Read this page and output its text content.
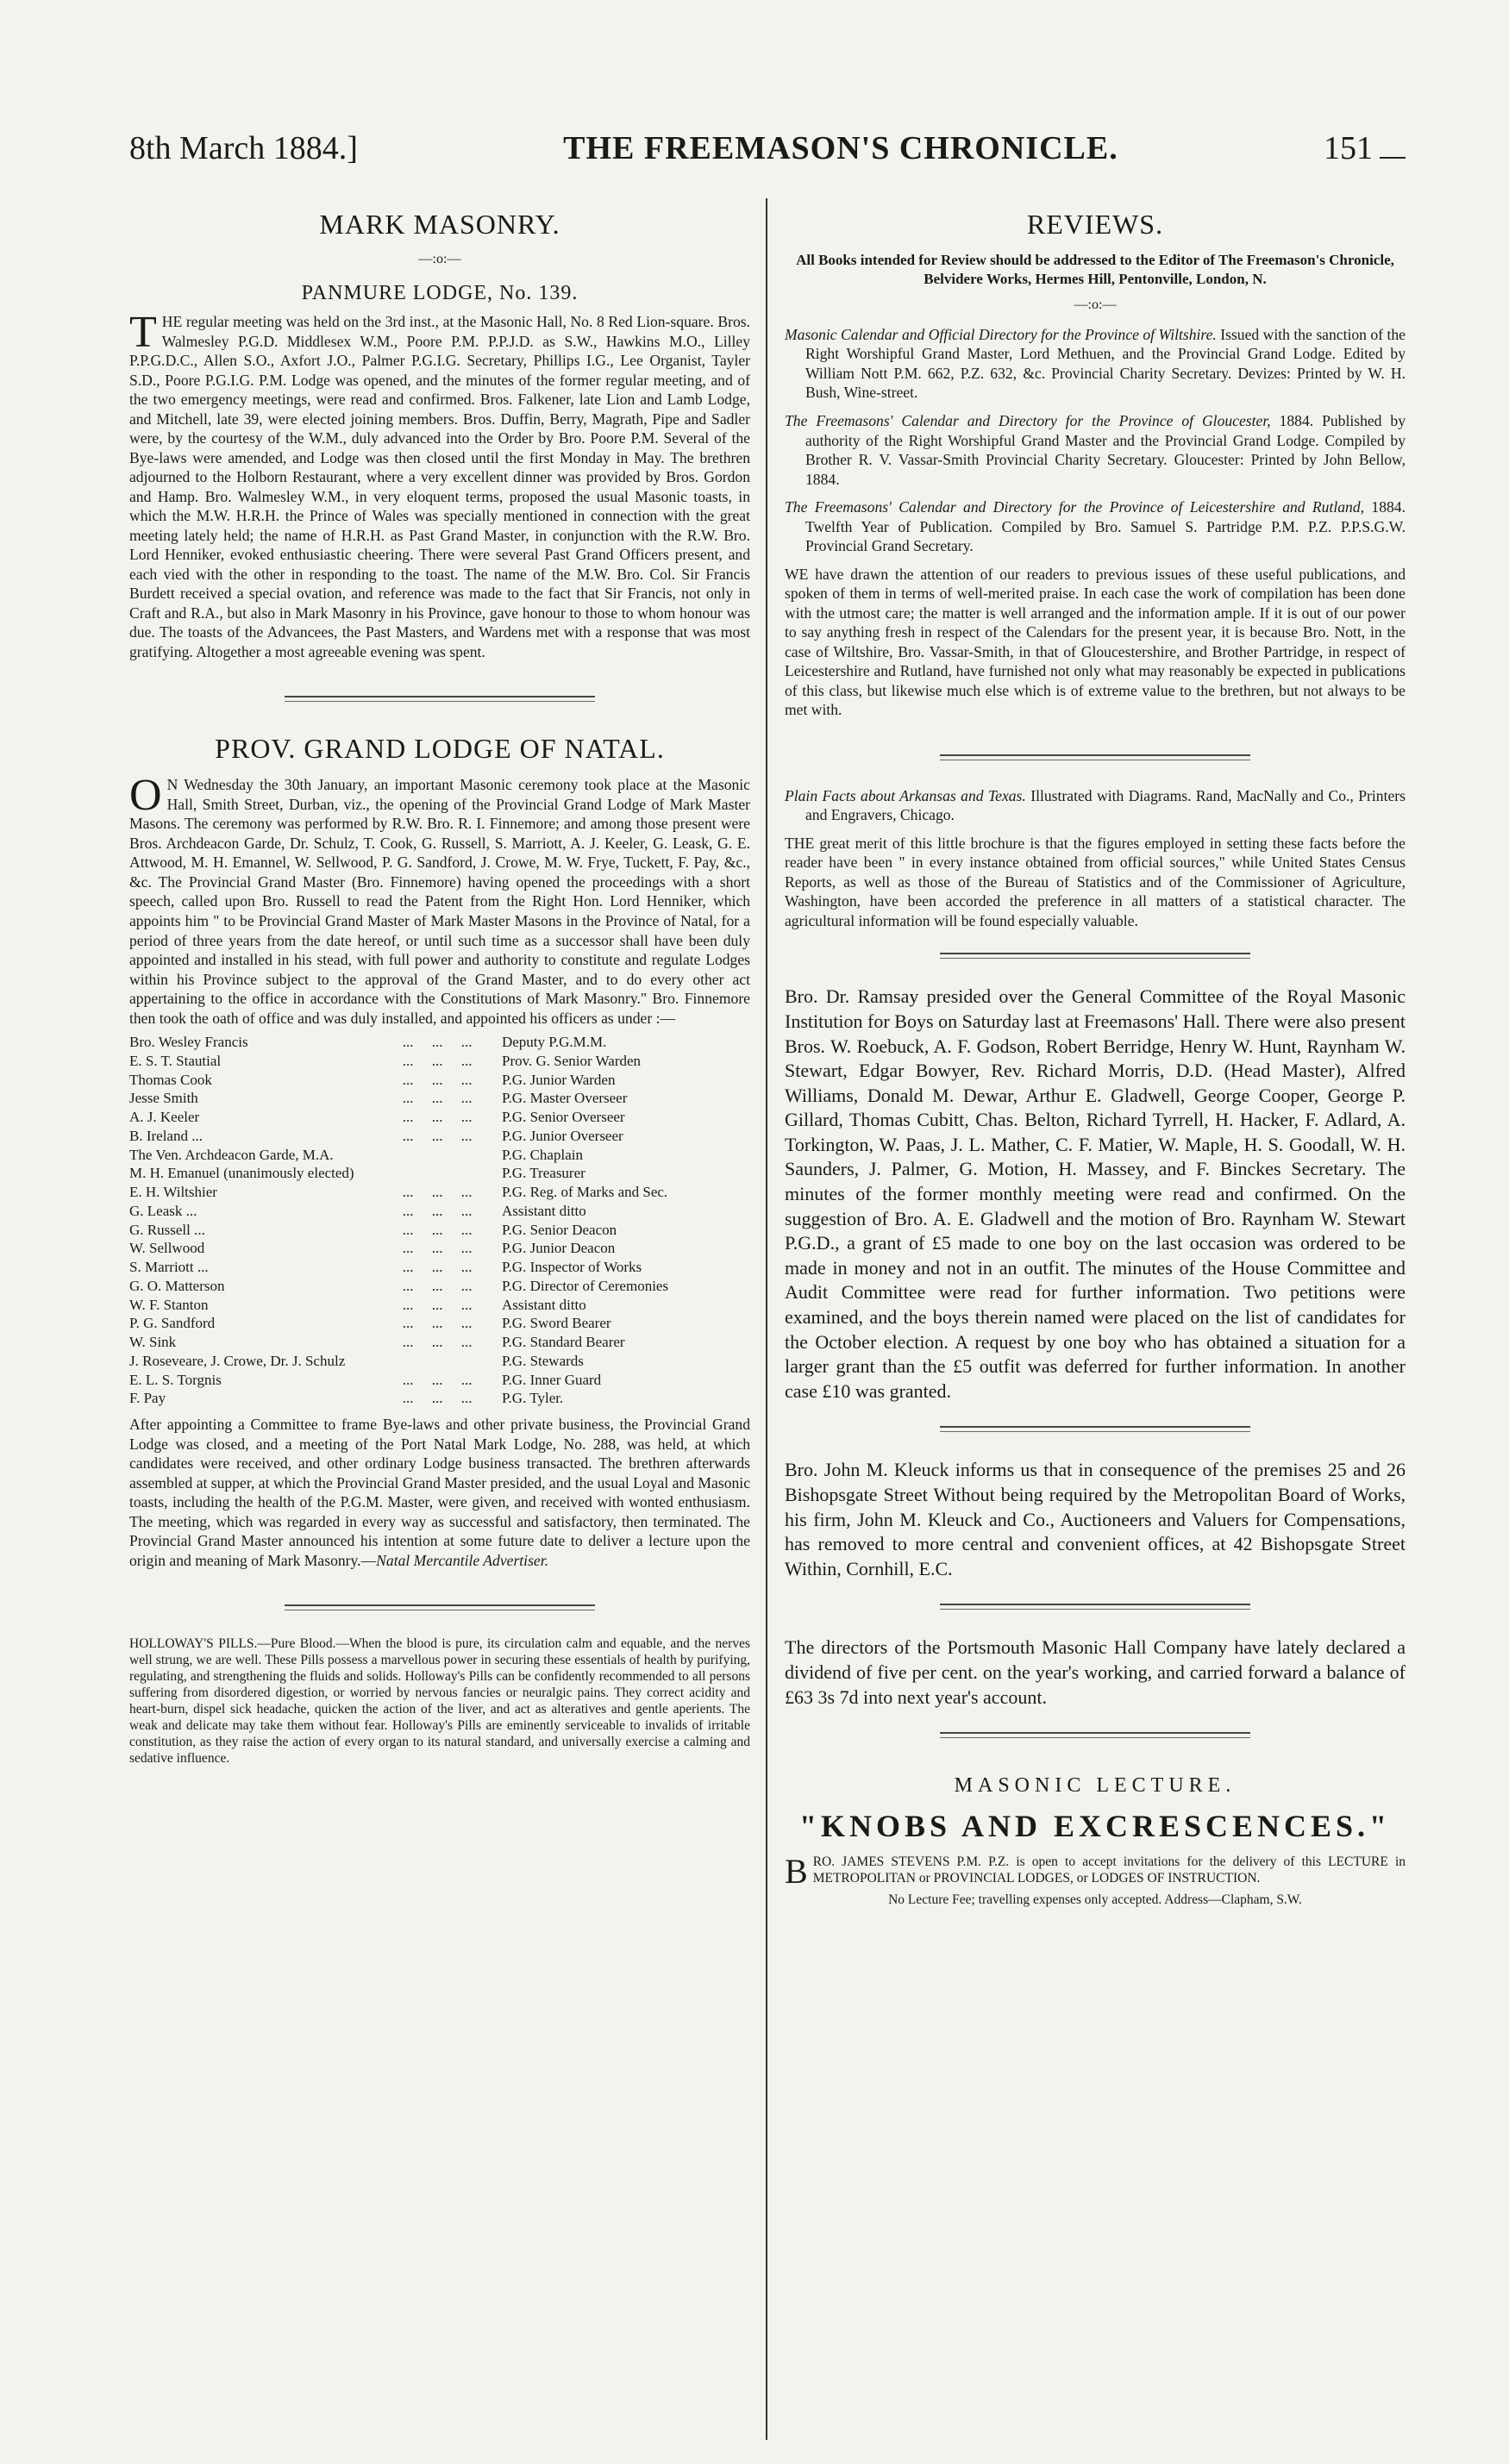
8th March 1884.]	THE FREEMASON'S CHRONICLE.	151
MARK MASONRY.
—:o:—
PANMURE LODGE, No. 139.

THE regular meeting was held on the 3rd inst., at the Masonic Hall, No. 8 Red Lion-square. Bros. Walmesley P.G.D. Middlesex W.M., Poore P.M. P.P.J.D. as S.W., Hawkins M.O., Lilley P.P.G.D.C., Allen S.O., Axfort J.O., Palmer P.G.I.G. Secretary, Phillips I.G., Lee Organist, Tayler S.D., Poore P.G.I.G. P.M. Lodge was opened, and the minutes of the former regular meeting, and of the two emergency meetings, were read and confirmed. Bros. Falkener, late Lion and Lamb Lodge, and Mitchell, late 39, were elected joining members. Bros. Duffin, Berry, Magrath, Pipe and Sadler were, by the courtesy of the W.M., duly advanced into the Order by Bro. Poore P.M. Several of the Bye-laws were amended, and Lodge was then closed until the first Monday in May. The brethren adjourned to the Holborn Restaurant, where a very excellent dinner was provided by Bros. Gordon and Hamp. Bro. Walmesley W.M., in very eloquent terms, proposed the usual Masonic toasts, in which the M.W. H.R.H. the Prince of Wales was specially mentioned in connection with the great meeting lately held; the name of H.R.H. as Past Grand Master, in conjunction with the R.W. Bro. Lord Henniker, evoked enthusiastic cheering. There were several Past Grand Officers present, and each vied with the other in responding to the toast. The name of the M.W. Bro. Col. Sir Francis Burdett received a special ovation, and reference was made to the fact that Sir Francis, not only in Craft and R.A., but also in Mark Masonry in his Province, gave honour to those to whom honour was due. The toasts of the Advancees, the Past Masters, and Wardens met with a response that was most gratifying. Altogether a most agreeable evening was spent.

PROV. GRAND LODGE OF NATAL.

O N Wednesday the 30th January, an important Masonic ceremony took place at the Masonic Hall, Smith Street, Durban, viz., the opening of the Provincial Grand Lodge of Mark Master Masons. The ceremony was performed by R.W. Bro. R. I. Finnemore; and among those present were Bros. Archdeacon Garde, Dr. Schulz, T. Cook, G. Russell, S. Marriott, A. J. Keeler, G. Leask, G. E. Attwood, M. H. Emannel, W. Sellwood, P. G. Sandford, J. Crowe, M. W. Frye, Tuckett, F. Pay, &c., &c. The Provincial Grand Master (Bro. Finnemore) having opened the proceedings with a short speech, called upon Bro. Russell to read the Patent from the Right Hon. Lord Henniker, which appoints him " to be Provincial Grand Master of Mark Master Masons in the Province of Natal, for a period of three years from the date hereof, or until such time as a successor shall have been duly appointed and installed in his stead, with full power and authority to constitute and regulate Lodges within his Province subject to the approval of the Grand Master, and to do every other act appertaining to the office in accordance with the Constitutions of Mark Masonry." Bro. Finnemore then took the oath of office and was duly installed, and appointed his officers as under :—

Bro. Wesley Francis	...     ...     ...	Deputy P.G.M.M.
E. S. T. Stautial	...     ...     ...	Prov. G. Senior Warden
Thomas Cook	...     ...     ...	P.G. Junior Warden
Jesse Smith	...     ...     ...	P.G. Master Overseer
A. J. Keeler	...     ...     ...	P.G. Senior Overseer
B. Ireland ...	...     ...     ...	P.G. Junior Overseer
The Ven. Archdeacon Garde, M.A.		P.G. Chaplain
M. H. Emanuel (unanimously elected)		P.G. Treasurer
E. H. Wiltshier	...     ...     ...	P.G. Reg. of Marks and Sec.
G. Leask ...	...     ...     ...	Assistant ditto
G. Russell ...	...     ...     ...	P.G. Senior Deacon
W. Sellwood	...     ...     ...	P.G. Junior Deacon
S. Marriott ...	...     ...     ...	P.G. Inspector of Works
G. O. Matterson	...     ...     ...	P.G. Director of Ceremonies
W. F. Stanton	...     ...     ...	Assistant ditto
P. G. Sandford	...     ...     ...	P.G. Sword Bearer
W. Sink	...     ...     ...	P.G. Standard Bearer
J. Roseveare, J. Crowe, Dr. J. Schulz		P.G. Stewards
E. L. S. Torgnis	...     ...     ...	P.G. Inner Guard
F. Pay	...     ...     ...	P.G. Tyler.

After appointing a Committee to frame Bye-laws and other private business, the Provincial Grand Lodge was closed, and a meeting of the Port Natal Mark Lodge, No. 288, was held, at which candidates were received, and other ordinary Lodge business transacted. The brethren afterwards assembled at supper, at which the Provincial Grand Master presided, and the usual Loyal and Masonic toasts, including the health of the P.G.M. Master, were given, and received with wonted enthusiasm. The meeting, which was regarded in every way as successful and satisfactory, then terminated. The Provincial Grand Master announced his intention at some future date to deliver a lecture upon the origin and meaning of Mark Masonry.—Natal Mercantile Advertiser.

HOLLOWAY'S PILLS.—Pure Blood.—When the blood is pure, its circulation calm and equable, and the nerves well strung, we are well. These Pills possess a marvellous power in securing these essentials of health by purifying, regulating, and strengthening the fluids and solids. Holloway's Pills can be confidently recommended to all persons suffering from disordered digestion, or worried by nervous fancies or neuralgic pains. They correct acidity and heart-burn, dispel sick headache, quicken the action of the liver, and act as alteratives and gentle aperients. The weak and delicate may take them without fear. Holloway's Pills are eminently serviceable to invalids of irritable constitution, as they raise the action of every organ to its natural standard, and universally exercise a calming and sedative influence.

REVIEWS.
All Books intended for Review should be addressed to the Editor of The Freemason's Chronicle, Belvidere Works, Hermes Hill, Pentonville, London, N.
—:o:—

Masonic Calendar and Official Directory for the Province of Wiltshire. Issued with the sanction of the Right Worshipful Grand Master, Lord Methuen, and the Provincial Grand Lodge. Edited by William Nott P.M. 662, P.Z. 632, &c. Provincial Charity Secretary. Devizes: Printed by W. H. Bush, Wine-street.

The Freemasons' Calendar and Directory for the Province of Gloucester, 1884. Published by authority of the Right Worshipful Grand Master and the Provincial Grand Lodge. Compiled by Brother R. V. Vassar-Smith Provincial Charity Secretary. Gloucester: Printed by John Bellow, 1884.

The Freemasons' Calendar and Directory for the Province of Leicestershire and Rutland, 1884. Twelfth Year of Publication. Compiled by Bro. Samuel S. Partridge P.M. P.Z. P.P.S.G.W. Provincial Grand Secretary.

WE have drawn the attention of our readers to previous issues of these useful publications, and spoken of them in terms of well-merited praise. In each case the work of compilation has been done with the utmost care; the matter is well arranged and the information ample. If it is out of our power to say anything fresh in respect of the Calendars for the present year, it is because Bro. Nott, in the case of Wiltshire, Bro. Vassar-Smith, in that of Gloucestershire, and Brother Partridge, in respect of Leicestershire and Rutland, have furnished not only what may reasonably be expected in publications of this class, but likewise much else which is of extreme value to the brethren, but not always to be met with.

Plain Facts about Arkansas and Texas. Illustrated with Diagrams. Rand, MacNally and Co., Printers and Engravers, Chicago.

THE great merit of this little brochure is that the figures employed in setting these facts before the reader have been " in every instance obtained from official sources," while United States Census Reports, as well as those of the Bureau of Statistics and of the Commissioner of Agriculture, Washington, have been accorded the preference in all matters of a statistical character. The agricultural information will be found especially valuable.

Bro. Dr. Ramsay presided over the General Committee of the Royal Masonic Institution for Boys on Saturday last at Freemasons' Hall. There were also present Bros. W. Roebuck, A. F. Godson, Robert Berridge, Henry W. Hunt, Raynham W. Stewart, Edgar Bowyer, Rev. Richard Morris, D.D. (Head Master), Alfred Williams, Donald M. Dewar, Arthur E. Gladwell, George Cooper, George P. Gillard, Thomas Cubitt, Chas. Belton, Richard Tyrrell, H. Hacker, F. Adlard, A. Torkington, W. Paas, J. L. Mather, C. F. Matier, W. Maple, H. S. Goodall, W. H. Saunders, J. Palmer, G. Motion, H. Massey, and F. Binckes Secretary. The minutes of the former monthly meeting were read and confirmed. On the suggestion of Bro. A. E. Gladwell and the motion of Bro. Raynham W. Stewart P.G.D., a grant of £5 made to one boy on the last occasion was ordered to be made in money and not in an outfit. The minutes of the House Committee and Audit Committee were read for further information. Two petitions were examined, and the boys therein named were placed on the list of candidates for the October election. A request by one boy who has obtained a situation for a larger grant than the £5 outfit was deferred for further information. In another case £10 was granted.

Bro. John M. Kleuck informs us that in consequence of the premises 25 and 26 Bishopsgate Street Without being required by the Metropolitan Board of Works, his firm, John M. Kleuck and Co., Auctioneers and Valuers for Compensations, has removed to more central and convenient offices, at 42 Bishopsgate Street Within, Cornhill, E.C.

The directors of the Portsmouth Masonic Hall Company have lately declared a dividend of five per cent. on the year's working, and carried forward a balance of £63 3s 7d into next year's account.

MASONIC LECTURE.
"KNOBS AND EXCRESCENCES."

BRO. JAMES STEVENS P.M. P.Z. is open to accept invitations for the delivery of this LECTURE in METROPOLITAN or PROVINCIAL LODGES, or LODGES OF INSTRUCTION.

No Lecture Fee; travelling expenses only accepted. Address—Clapham, S.W.
